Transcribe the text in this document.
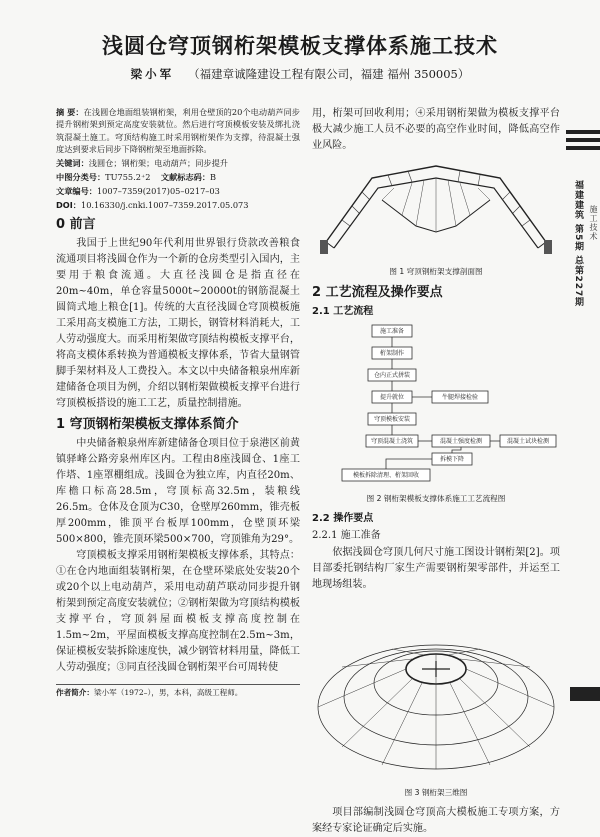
浅圆仓穹顶钢桁架模板支撑体系施工技术
梁小军 （福建章诚隆建设工程有限公司，福建 福州 350005）
摘 要：在浅圆仓地面组装钢桁架，利用仓壁顶的20个电动葫芦同步提升钢桁架到预定高度安装就位。然后进行穹顶模板安装及绑扎浇筑混凝土施工。穹顶结构施工时采用钢桁架作为支撑，待混凝土强度达到要求后同步下降钢桁架至地面拆除。
关键词：浅圆仓；钢桁架；电动葫芦；同步提升
中图分类号：TU755.2⁺2 文献标志码：B
文章编号：1007–7359(2017)05–0217–03
DOI：10.16330/j.cnki.1007–7359.2017.05.073
0 前言

我国于上世纪90年代利用世界银行贷款改善粮食流通项目将浅圆仓作为一个新的仓房类型引入国内，主要用于粮食流通。大直径浅圆仓是指直径在20m~40m，单仓容量5000t~20000t的钢筋混凝土圆筒式地上粮仓[1]。传统的大直径浅圆仓穹顶模板施工采用高支模施工方法，工期长，钢管材料消耗大，工人劳动强度大。而采用桁架做穹顶结构模板支撑平台，将高支模体系转换为普通模板支撑体系，节省大量钢管脚手架材料及人工费投入。本文以中央储备粮泉州库新建储备仓项目为例，介绍以钢桁架做模板支撑平台进行穹顶模板搭设的施工工艺，质量控制措施。

1 穹顶钢桁架模板支撑体系简介

中央储备粮泉州库新建储备仓项目位于泉港区前黄镇驿峰公路旁泉州库区内。工程由8座浅圆仓、1座工作塔、1座罩棚组成。浅圆仓为独立库，内直径20m、库檐口标高28.5m，穹顶标高32.5m，装粮线26.5m。仓体及仓顶为C30，仓壁厚260mm，锥壳板厚200mm，锥顶平台板厚100mm，仓壁顶环梁500×800，锥壳顶环梁500×700，穹顶锥角为29°。

穹顶模板支撑采用钢桁架模板支撑体系，其特点：①在仓内地面组装钢桁架，在仓壁环梁底处安装20个或20个以上电动葫芦，采用电动葫芦联动同步提升钢桁架到预定高度安装就位；②钢桁架做为穹顶结构模板支撑平台，穹顶斜屋面模板支撑高度控制在1.5m~2m，平屋面模板支撑高度控制在2.5m~3m，保证模板安装拆除速度快，减少钢管材料用量，降低工人劳动强度；③同直径浅圆仓钢桁架平台可周转使

作者简介：梁小军（1972–），男，本科，高级工程师。

用，桁架可回收利用；④采用钢桁架做为模板支撑平台极大减少施工人员不必要的高空作业时间，降低高空作业风险。

图 1 穹顶钢桁架支撑剖面图
2 工艺流程及操作要点
2.1 工艺流程
施工准备
桁架制作
仓内正式拼装
提升就位	牛腿焊接检验
穹顶模板安装
穹顶混凝土浇筑	混凝土强度检测	混凝土试块检测
拆模下降
模板拆除清理、桁架回收
图 2 钢桁架模板支撑体系施工工艺流程图
2.2 操作要点
2.2.1 施工准备

依据浅圆仓穹顶几何尺寸施工图设计钢桁架[2]。项目部委托钢结构厂家生产需要钢桁架零部件，并运至工地现场组装。

图 3 钢桁架三维图

项目部编制浅圆仓穹顶高大模板施工专项方案，方案经专家论证确定后实施。

福建建筑 第5期 总第227期 施工技术
